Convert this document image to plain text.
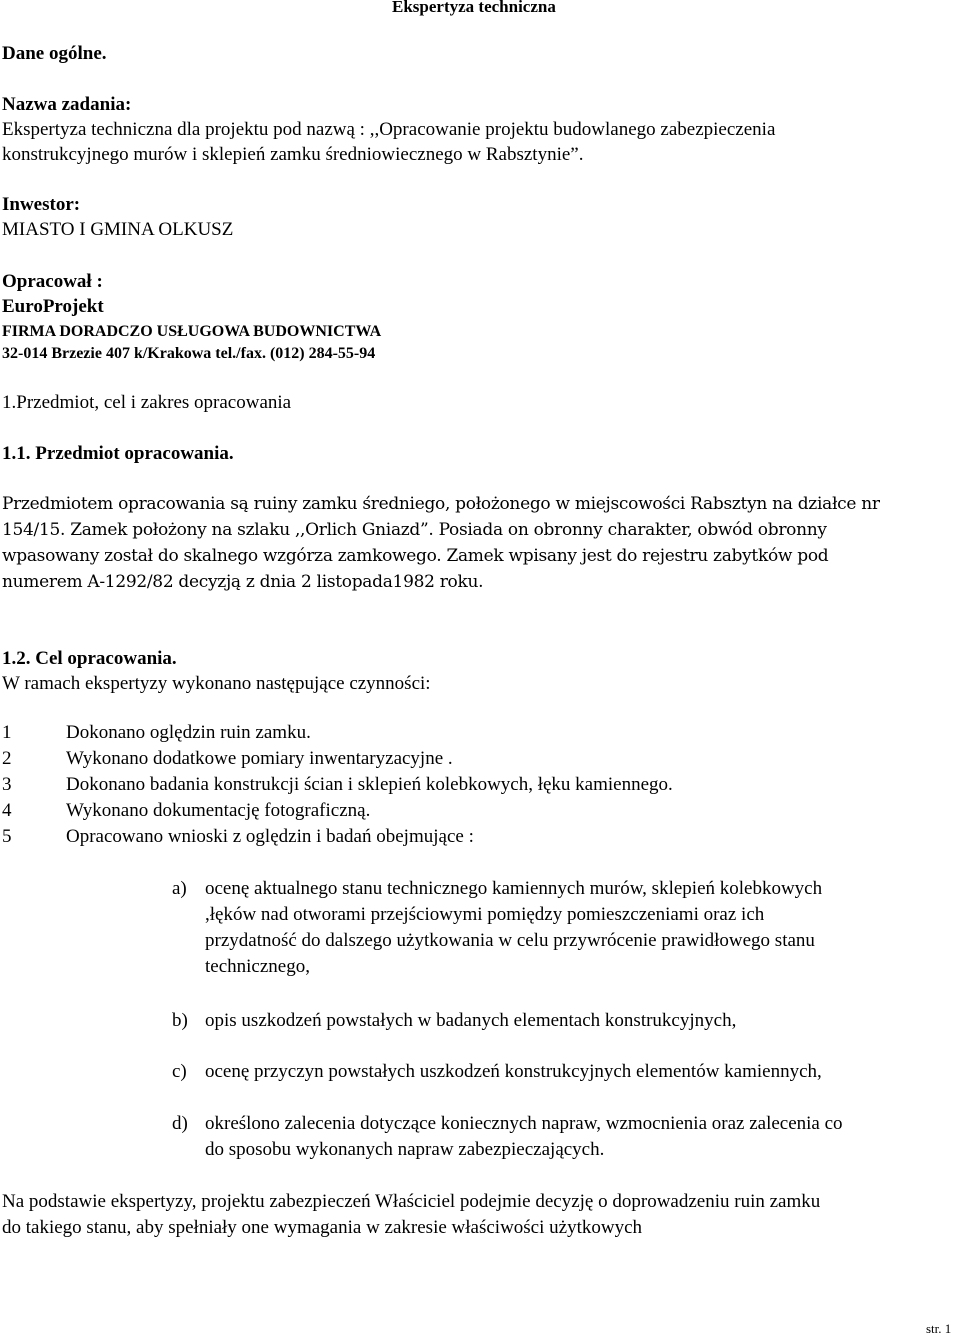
Ekspertyza techniczna
Dane ogólne.
Nazwa zadania:
Ekspertyza techniczna dla projektu pod nazwą : ,,Opracowanie projektu budowlanego zabezpieczenia
konstrukcyjnego murów i sklepień zamku średniowiecznego w Rabsztynie”.
Inwestor:
MIASTO I GMINA OLKUSZ
Opracował :
EuroProjekt
FIRMA DORADCZO USŁUGOWA BUDOWNICTWA
32-014 Brzezie 407 k/Krakowa tel./fax. (012) 284-55-94
1.Przedmiot, cel i zakres opracowania
1.1. Przedmiot opracowania.
Przedmiotem opracowania są ruiny zamku średniego, położonego w miejscowości Rabsztyn na działce nr
154/15. Zamek położony na szlaku ,,Orlich Gniazd”. Posiada on obronny charakter, obwód obronny
wpasowany został do skalnego wzgórza zamkowego. Zamek wpisany jest do rejestru zabytków pod
numerem A-1292/82 decyzją z dnia 2 listopada1982 roku.
1.2. Cel opracowania.
W ramach ekspertyzy wykonano następujące czynności:
1	Dokonano oględzin ruin zamku.
2	Wykonano dodatkowe pomiary inwentaryzacyjne .
3	Dokonano badania konstrukcji ścian i sklepień kolebkowych, łęku kamiennego.
4	Wykonano dokumentację fotograficzną.
5	Opracowano wnioski z oględzin i badań obejmujące :
a) ocenę aktualnego stanu technicznego kamiennych murów, sklepień kolebkowych
,łęków nad otworami przejściowymi pomiędzy pomieszczeniami oraz ich
przydatność do dalszego użytkowania w celu przywrócenie prawidłowego stanu
technicznego,
b) opis uszkodzeń powstałych w badanych elementach konstrukcyjnych,
c) ocenę przyczyn powstałych uszkodzeń konstrukcyjnych elementów kamiennych,
d) określono zalecenia dotyczące koniecznych napraw, wzmocnienia oraz zalecenia co
do sposobu wykonanych napraw zabezpieczających.
Na podstawie ekspertyzy, projektu zabezpieczeń Właściciel podejmie decyzję o doprowadzeniu ruin zamku
do takiego stanu, aby spełniały one wymagania w zakresie właściwości użytkowych
str. 1
